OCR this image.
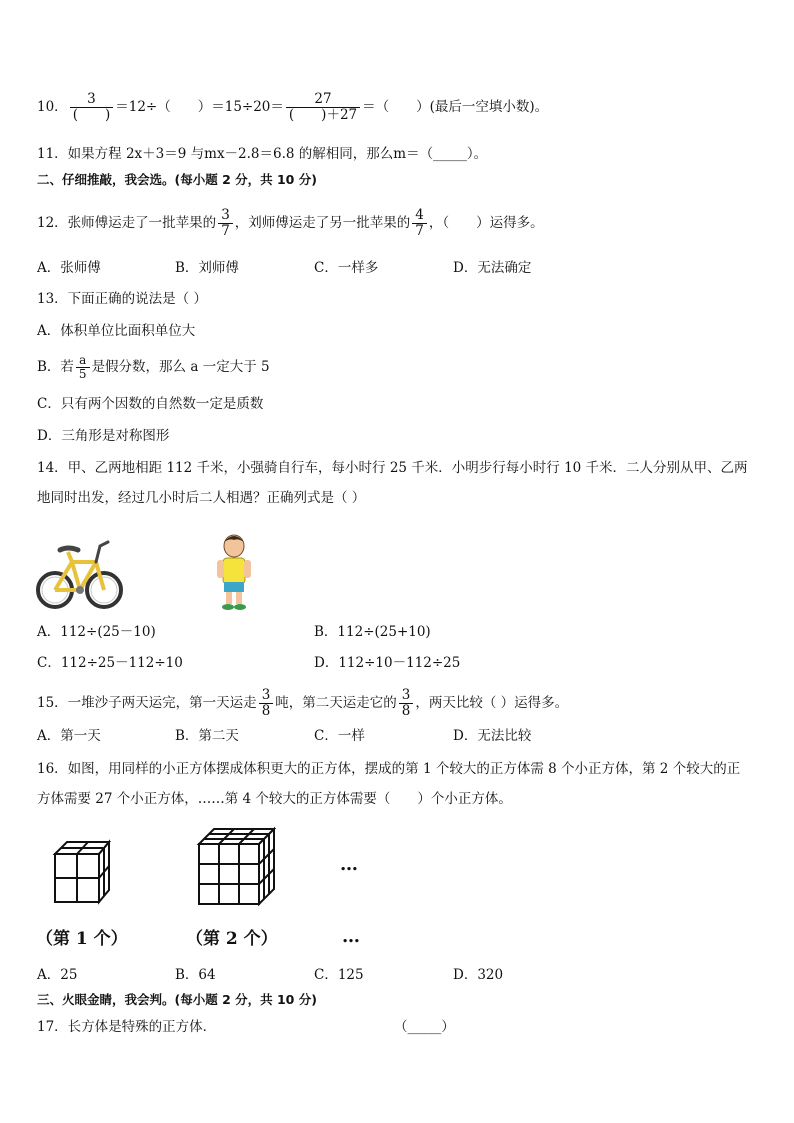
10． $\frac{3}{( )} =12\div$（　　）$=15\div 20= \frac{27}{( )+27}$ ＝（　　）(最后一空填小数)。
11．如果方程 2x＋3＝9 与mx－2.8＝6.8 的解相同，那么m＝（_____）。
二、仔细推敲，我会选。(每小题 2 分，共 10 分)
12．张师傅运走了一批苹果的 $\frac{3}{7}$ ，刘师傅运走了另一批苹果的 $\frac{4}{7}$ ，（　　）运得多。
A．张师傅	B．刘师傅	C．一样多	D．无法确定
13．下面正确的说法是（ ）
A．体积单位比面积单位大
B．若 $\frac{a}{5}$ 是假分数，那么 a 一定大于 5
C．只有两个因数的自然数一定是质数
D．三角形是对称图形
14．甲、乙两地相距 112 千米，小强骑自行车，每小时行 25 千米．小明步行每小时行 10 千米．二人分别从甲、乙两
地同时出发，经过几小时后二人相遇？正确列式是（ ）
A．112÷(25－10)	B．112÷(25+10)
C．112÷25－112÷10	D．112÷10－112÷25
15．一堆沙子两天运完，第一天运走 $\frac{3}{8}$ 吨，第二天运走它的 $\frac{3}{8}$ ，两天比较（ ）运得多。
A．第一天	B．第二天	C．一样	D．无法比较
16．如图，用同样的小正方体摆成体积更大的正方体，摆成的第 1 个较大的正方体需 8 个小正方体，第 2 个较大的正
方体需要 27 个小正方体，……第 4 个较大的正方体需要（　　）个小正方体。
…
（第 1 个）	（第 2 个）	…
A．25	B．64	C．125	D．320
三、火眼金睛，我会判。(每小题 2 分，共 10 分)
17．长方体是特殊的正方体．	（_____）
